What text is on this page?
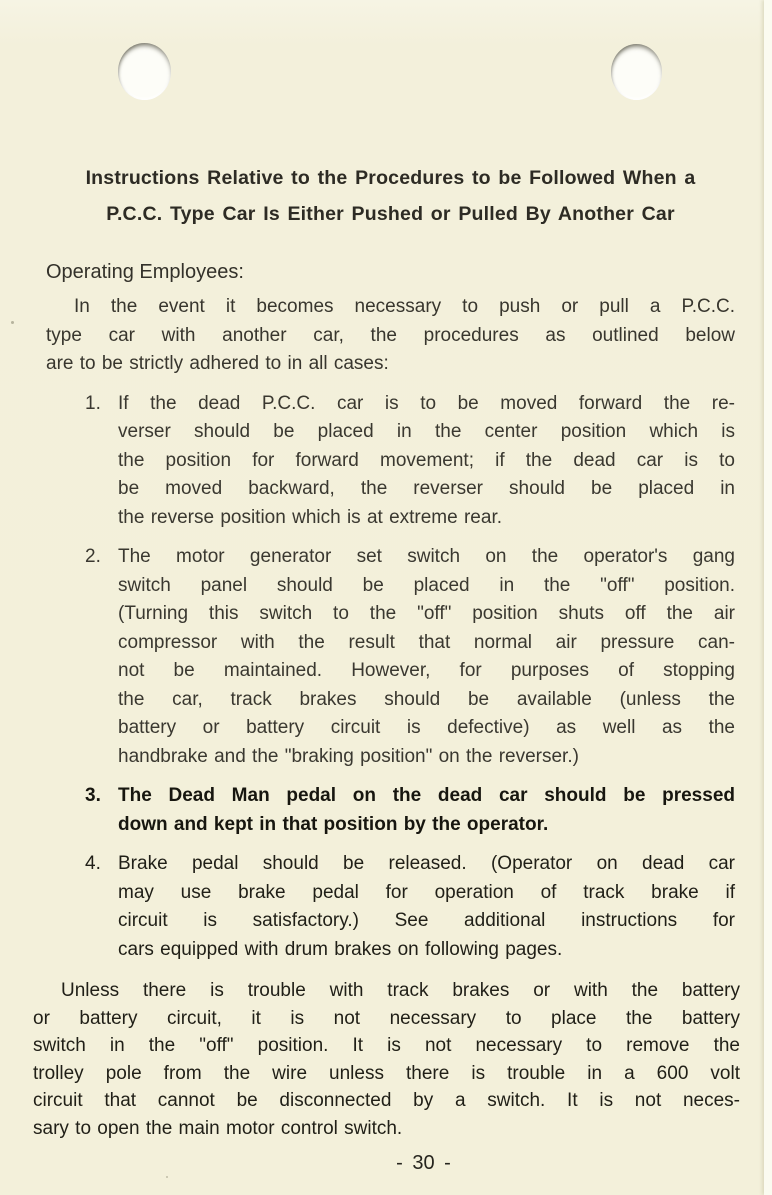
Instructions Relative to the Procedures to be Followed When a
P.C.C. Type Car Is Either Pushed or Pulled By Another Car
Operating Employees:
In the event it becomes necessary to push or pull a P.C.C.
type car with another car, the procedures as outlined below
are to be strictly adhered to in all cases:
1. If the dead P.C.C. car is to be moved forward the re-
verser should be placed in the center position which is
the position for forward movement; if the dead car is to
be moved backward, the reverser should be placed in
the reverse position which is at extreme rear.
2. The motor generator set switch on the operator's gang
switch panel should be placed in the "off" position.
(Turning this switch to the "off" position shuts off the air
compressor with the result that normal air pressure can-
not be maintained. However, for purposes of stopping
the car, track brakes should be available (unless the
battery or battery circuit is defective) as well as the
handbrake and the "braking position" on the reverser.)
3. The Dead Man pedal on the dead car should be pressed
down and kept in that position by the operator.
4. Brake pedal should be released. (Operator on dead car
may use brake pedal for operation of track brake if
circuit is satisfactory.) See additional instructions for
cars equipped with drum brakes on following pages.
Unless there is trouble with track brakes or with the battery
or battery circuit, it is not necessary to place the battery
switch in the "off" position. It is not necessary to remove the
trolley pole from the wire unless there is trouble in a 600 volt
circuit that cannot be disconnected by a switch. It is not neces-
sary to open the main motor control switch.
- 30 -
